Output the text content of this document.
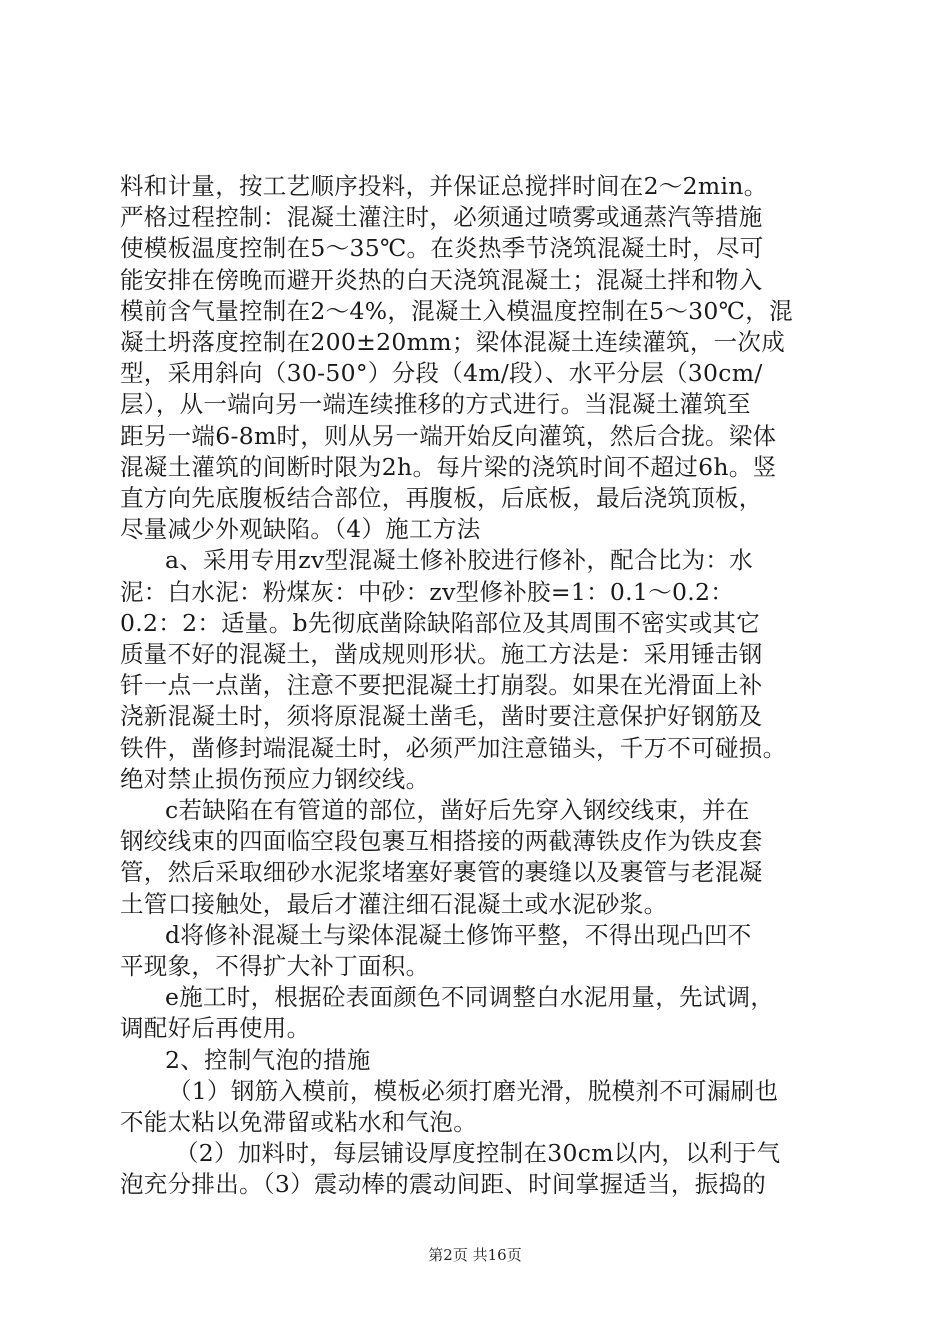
料和计量，按工艺顺序投料，并保证总搅拌时间在2～2min。
严格过程控制：混凝土灌注时，必须通过喷雾或通蒸汽等措施
使模板温度控制在5～35℃。在炎热季节浇筑混凝土时，尽可
能安排在傍晚而避开炎热的白天浇筑混凝土；混凝土拌和物入
模前含气量控制在2～4%，混凝土入模温度控制在5～30℃，混
凝土坍落度控制在200±20mm；梁体混凝土连续灌筑，一次成
型，采用斜向（30-50°）分段（4m/段）、水平分层（30cm/
层），从一端向另一端连续推移的方式进行。当混凝土灌筑至
距另一端6-8m时，则从另一端开始反向灌筑，然后合拢。梁体
混凝土灌筑的间断时限为2h。每片梁的浇筑时间不超过6h。竖
直方向先底腹板结合部位，再腹板，后底板，最后浇筑顶板，
尽量减少外观缺陷。（4）施工方法
a、采用专用zv型混凝土修补胶进行修补，配合比为：水
泥：白水泥：粉煤灰：中砂：zv型修补胶=1：0.1～0.2：
0.2：2：适量。b先彻底凿除缺陷部位及其周围不密实或其它
质量不好的混凝土，凿成规则形状。施工方法是：采用锤击钢
钎一点一点凿，注意不要把混凝土打崩裂。如果在光滑面上补
浇新混凝土时，须将原混凝土凿毛，凿时要注意保护好钢筋及
铁件，凿修封端混凝土时，必须严加注意锚头，千万不可碰损。
绝对禁止损伤预应力钢绞线。
c若缺陷在有管道的部位，凿好后先穿入钢绞线束，并在
钢绞线束的四面临空段包裹互相搭接的两截薄铁皮作为铁皮套
管，然后采取细砂水泥浆堵塞好裹管的裹缝以及裹管与老混凝
土管口接触处，最后才灌注细石混凝土或水泥砂浆。
d将修补混凝土与梁体混凝土修饰平整，不得出现凸凹不
平现象，不得扩大补丁面积。
e施工时，根据砼表面颜色不同调整白水泥用量，先试调，
调配好后再使用。
2、控制气泡的措施
（1）钢筋入模前，模板必须打磨光滑，脱模剂不可漏刷也
不能太粘以免滞留或粘水和气泡。
（2）加料时，每层铺设厚度控制在30cm以内，以利于气
泡充分排出。（3）震动棒的震动间距、时间掌握适当，振捣的
第2页 共16页
